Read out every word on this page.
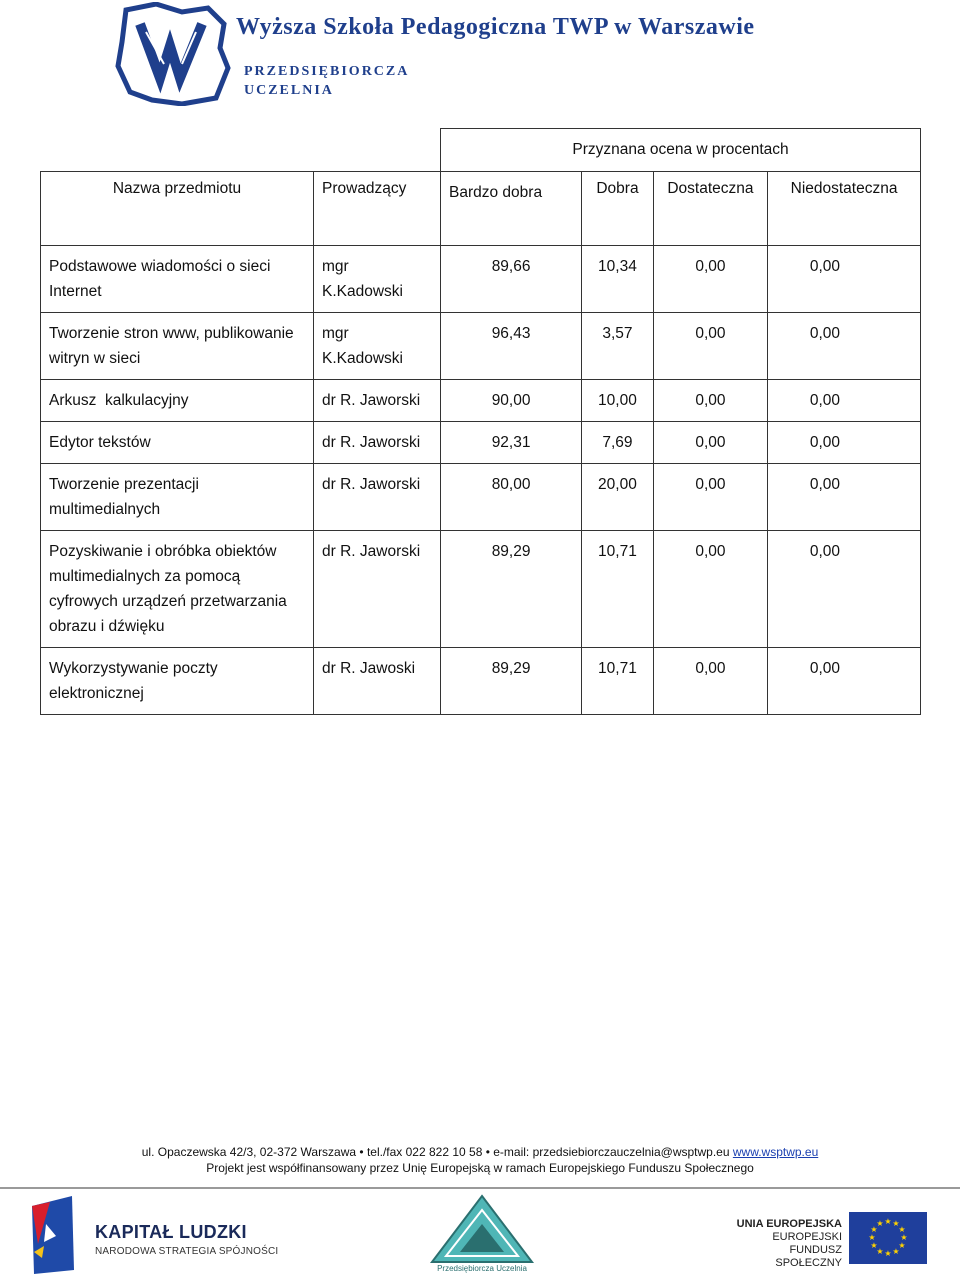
Wyższa Szkoła Pedagogiczna TWP w Warszawie
PRZEDSIĘBIORCZA
UCZELNIA
		Przyznana ocena w procentach			
Nazwa przedmiotu	Prowadzący	Bardzo dobra	Dobra	Dostateczna	Niedostateczna
Podstawowe wiadomości o sieci Internet	mgr K.Kadowski	89,66	10,34	0,00	0,00
Tworzenie stron www, publikowanie witryn w sieci	mgr K.Kadowski	96,43	3,57	0,00	0,00
Arkusz  kalkulacyjny	dr R. Jaworski	90,00	10,00	0,00	0,00
Edytor tekstów	dr R. Jaworski	92,31	7,69	0,00	0,00
Tworzenie prezentacji multimedialnych	dr R. Jaworski	80,00	20,00	0,00	0,00
Pozyskiwanie i obróbka obiektów multimedialnych za pomocą cyfrowych urządzeń przetwarzania obrazu i dźwięku	dr R. Jaworski	89,29	10,71	0,00	0,00
Wykorzystywanie poczty elektronicznej	dr R. Jawoski	89,29	10,71	0,00	0,00
ul. Opaczewska 42/3, 02-372 Warszawa • tel./fax 022 822 10 58 • e-mail: przedsiebiorczauczelnia@wsptwp.eu www.wsptwp.eu
Projekt jest współfinansowany przez Unię Europejską w ramach Europejskiego Funduszu Społecznego
KAPITAŁ LUDZKI
NARODOWA STRATEGIA SPÓJNOŚCI
Przedsiębiorcza Uczelnia
UNIA EUROPEJSKA
EUROPEJSKI
FUNDUSZ SPOŁECZNY
★ ★
★
★
★
★
★
★
★
★
★
★
